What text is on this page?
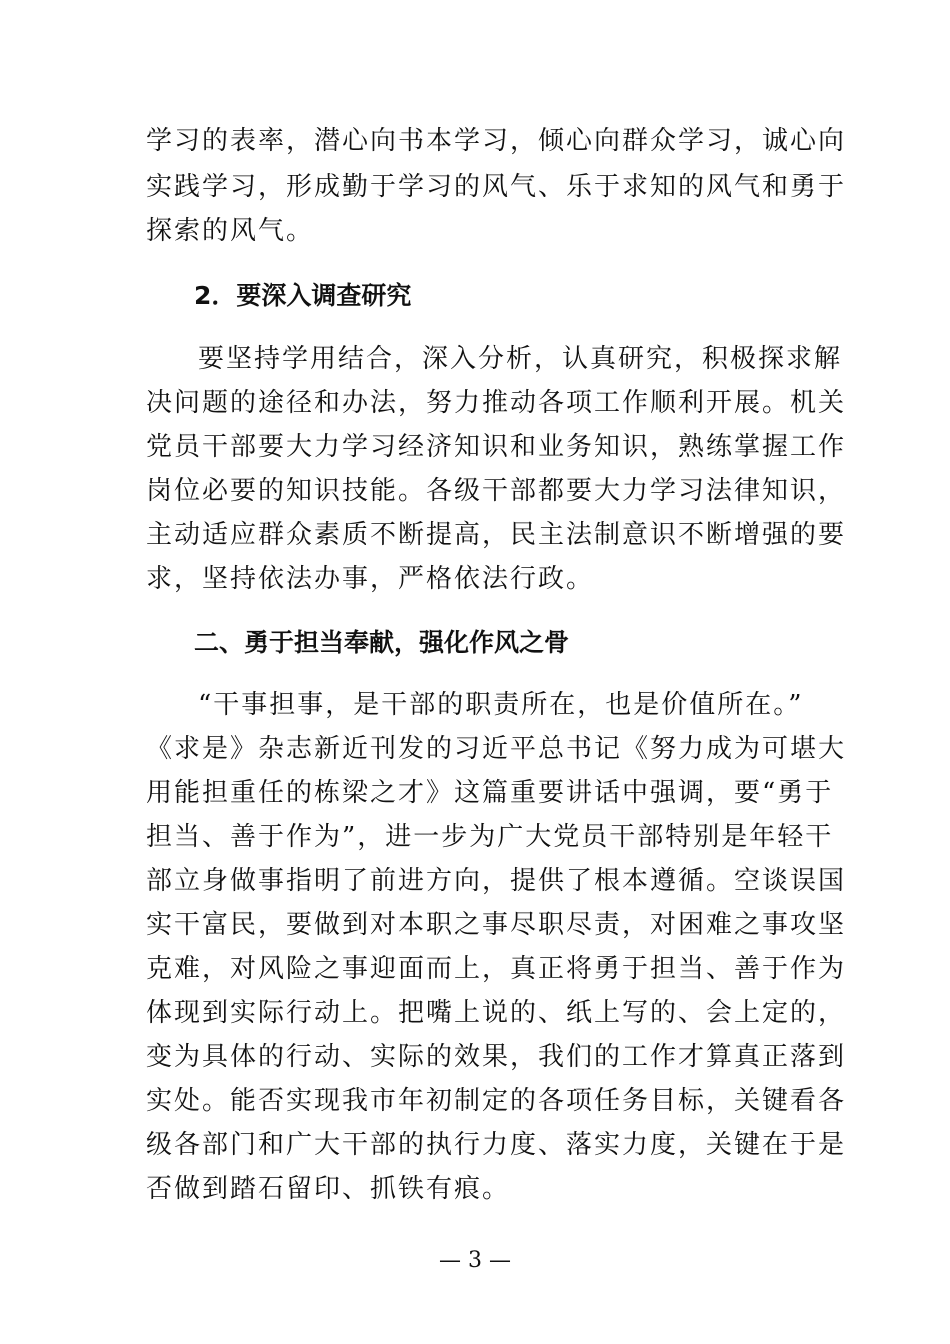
学习的表率，潜心向书本学习，倾心向群众学习，诚心向
实践学习，形成勤于学习的风气、乐于求知的风气和勇于
探索的风气。
2．要深入调查研究
要坚持学用结合，深入分析，认真研究，积极探求解
决问题的途径和办法，努力推动各项工作顺利开展。机关
党员干部要大力学习经济知识和业务知识，熟练掌握工作
岗位必要的知识技能。各级干部都要大力学习法律知识，
主动适应群众素质不断提高，民主法制意识不断增强的要
求，坚持依法办事，严格依法行政。
二、勇于担当奉献，强化作风之骨
“干事担事，是干部的职责所在，也是价值所在。”
《求是》杂志新近刊发的习近平总书记《努力成为可堪大
用能担重任的栋梁之才》这篇重要讲话中强调，要“勇于
担当、善于作为”，进一步为广大党员干部特别是年轻干
部立身做事指明了前进方向，提供了根本遵循。空谈误国
实干富民，要做到对本职之事尽职尽责，对困难之事攻坚
克难，对风险之事迎面而上，真正将勇于担当、善于作为
体现到实际行动上。把嘴上说的、纸上写的、会上定的，
变为具体的行动、实际的效果，我们的工作才算真正落到
实处。能否实现我市年初制定的各项任务目标，关键看各
级各部门和广大干部的执行力度、落实力度，关键在于是
否做到踏石留印、抓铁有痕。
— 3 —
